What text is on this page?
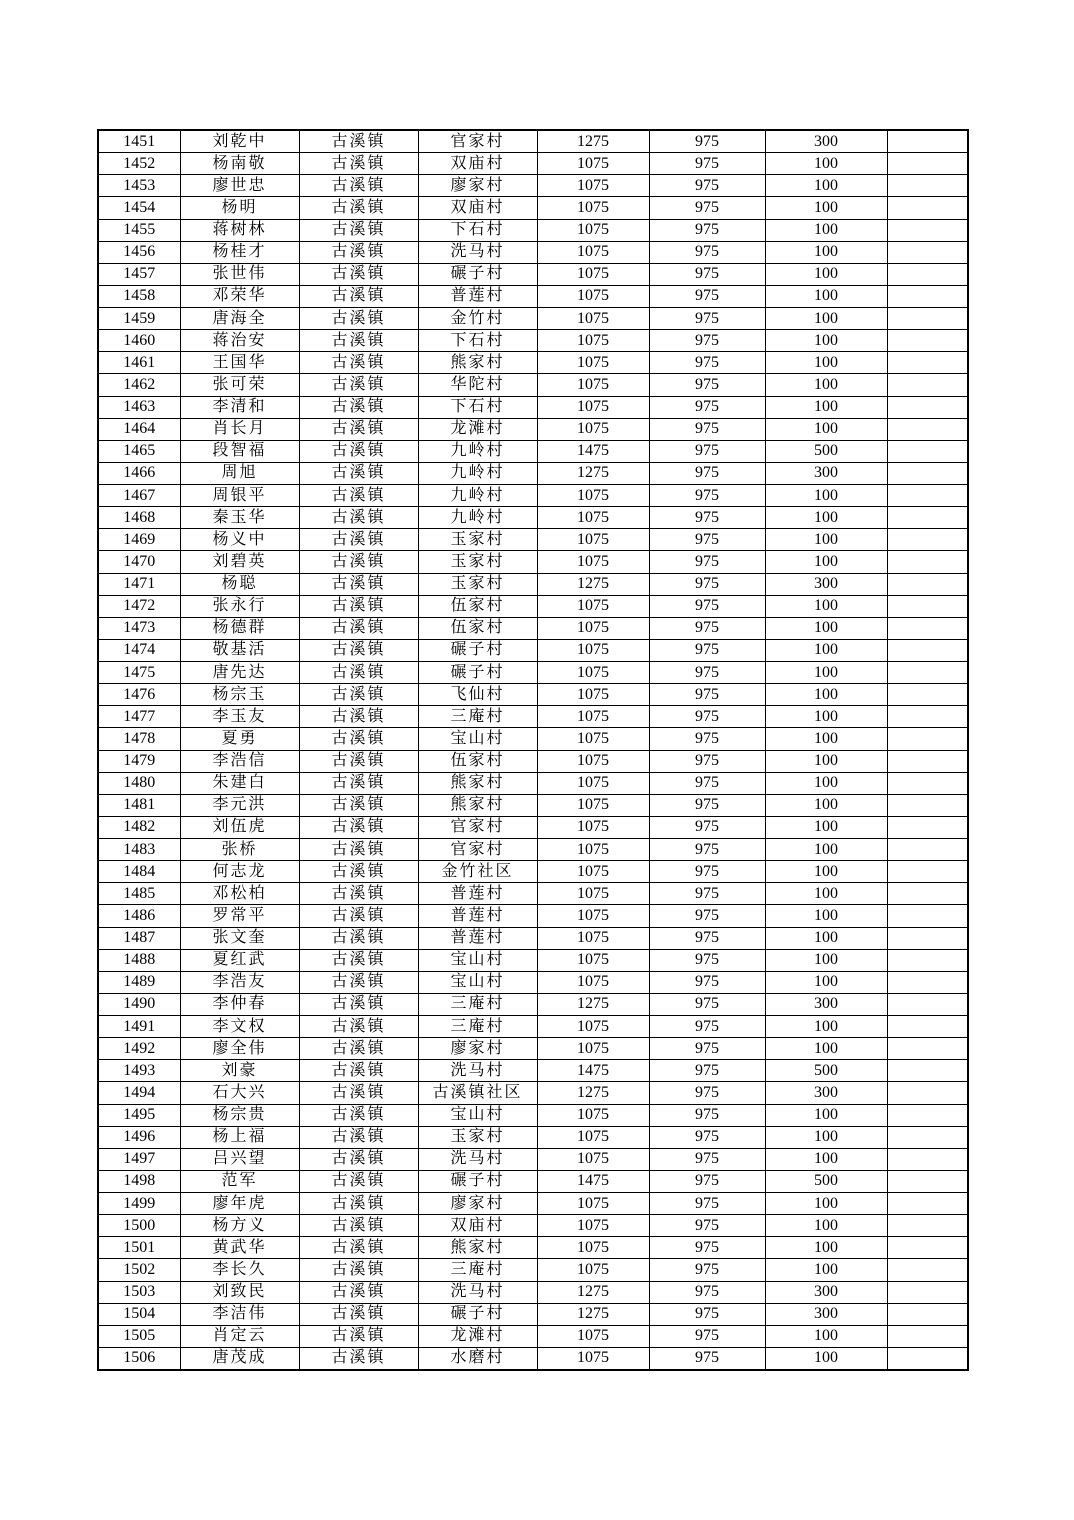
1451	刘乾中	古溪镇	官家村	1275	975	300	
1452	杨南敬	古溪镇	双庙村	1075	975	100	
1453	廖世忠	古溪镇	廖家村	1075	975	100	
1454	杨明	古溪镇	双庙村	1075	975	100	
1455	蒋树林	古溪镇	下石村	1075	975	100	
1456	杨桂才	古溪镇	洗马村	1075	975	100	
1457	张世伟	古溪镇	碾子村	1075	975	100	
1458	邓荣华	古溪镇	普莲村	1075	975	100	
1459	唐海全	古溪镇	金竹村	1075	975	100	
1460	蒋治安	古溪镇	下石村	1075	975	100	
1461	王国华	古溪镇	熊家村	1075	975	100	
1462	张可荣	古溪镇	华陀村	1075	975	100	
1463	李清和	古溪镇	下石村	1075	975	100	
1464	肖长月	古溪镇	龙滩村	1075	975	100	
1465	段智福	古溪镇	九岭村	1475	975	500	
1466	周旭	古溪镇	九岭村	1275	975	300	
1467	周银平	古溪镇	九岭村	1075	975	100	
1468	秦玉华	古溪镇	九岭村	1075	975	100	
1469	杨义中	古溪镇	玉家村	1075	975	100	
1470	刘碧英	古溪镇	玉家村	1075	975	100	
1471	杨聪	古溪镇	玉家村	1275	975	300	
1472	张永行	古溪镇	伍家村	1075	975	100	
1473	杨德群	古溪镇	伍家村	1075	975	100	
1474	敬基活	古溪镇	碾子村	1075	975	100	
1475	唐先达	古溪镇	碾子村	1075	975	100	
1476	杨宗玉	古溪镇	飞仙村	1075	975	100	
1477	李玉友	古溪镇	三庵村	1075	975	100	
1478	夏勇	古溪镇	宝山村	1075	975	100	
1479	李浩信	古溪镇	伍家村	1075	975	100	
1480	朱建白	古溪镇	熊家村	1075	975	100	
1481	李元洪	古溪镇	熊家村	1075	975	100	
1482	刘伍虎	古溪镇	官家村	1075	975	100	
1483	张桥	古溪镇	官家村	1075	975	100	
1484	何志龙	古溪镇	金竹社区	1075	975	100	
1485	邓松柏	古溪镇	普莲村	1075	975	100	
1486	罗常平	古溪镇	普莲村	1075	975	100	
1487	张文奎	古溪镇	普莲村	1075	975	100	
1488	夏红武	古溪镇	宝山村	1075	975	100	
1489	李浩友	古溪镇	宝山村	1075	975	100	
1490	李仲春	古溪镇	三庵村	1275	975	300	
1491	李文权	古溪镇	三庵村	1075	975	100	
1492	廖全伟	古溪镇	廖家村	1075	975	100	
1493	刘豪	古溪镇	洗马村	1475	975	500	
1494	石大兴	古溪镇	古溪镇社区	1275	975	300	
1495	杨宗贵	古溪镇	宝山村	1075	975	100	
1496	杨上福	古溪镇	玉家村	1075	975	100	
1497	吕兴望	古溪镇	洗马村	1075	975	100	
1498	范军	古溪镇	碾子村	1475	975	500	
1499	廖年虎	古溪镇	廖家村	1075	975	100	
1500	杨方义	古溪镇	双庙村	1075	975	100	
1501	黄武华	古溪镇	熊家村	1075	975	100	
1502	李长久	古溪镇	三庵村	1075	975	100	
1503	刘致民	古溪镇	洗马村	1275	975	300	
1504	李洁伟	古溪镇	碾子村	1275	975	300	
1505	肖定云	古溪镇	龙滩村	1075	975	100	
1506	唐茂成	古溪镇	水磨村	1075	975	100	
